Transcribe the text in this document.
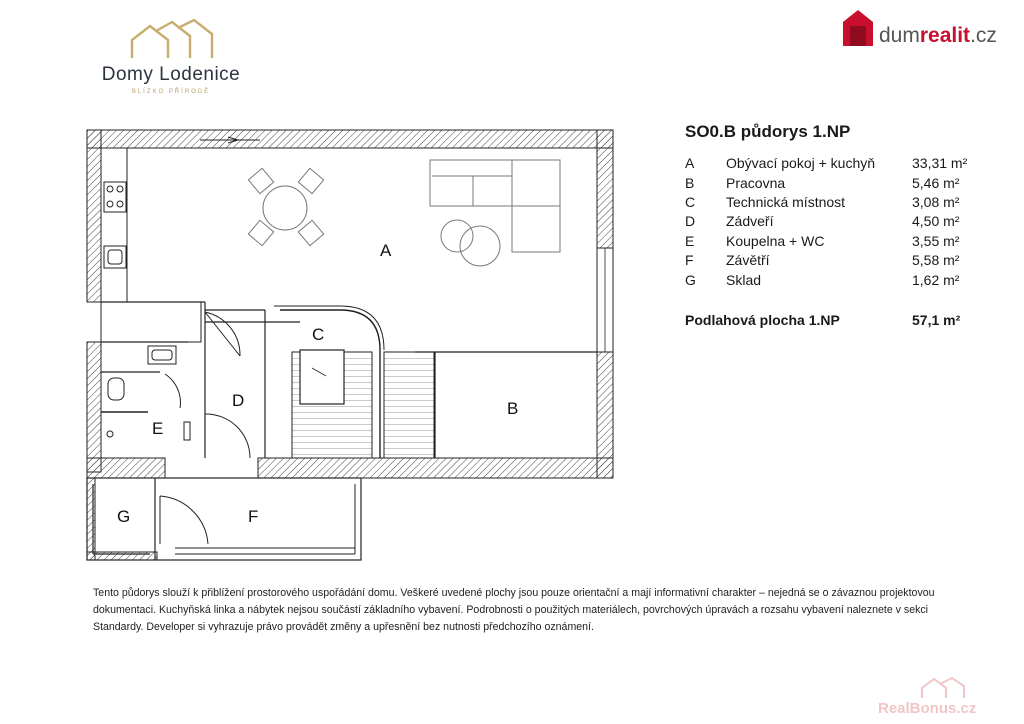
Domy Lodenice
BLÍZKO PŘÍRODĚ
dumrealit.cz
A
B
C
D
E
F
G
SO0.B půdorys 1.NP
A Obývací pokoj + kuchyň	33,31 m²
B Pracovna	5,46 m²
C Technická místnost	3,08 m²
D Zádveří	4,50 m²
E Koupelna + WC	3,55 m²
F Závětří	5,58 m²
G Sklad	1,62 m²
Podlahová plocha 1.NP	57,1 m²
Tento půdorys slouží k přiblížení prostorového uspořádání domu. Veškeré uvedené plochy jsou pouze orientační a mají informativní charakter – nejedná se o závaznou projektovou dokumentaci. Kuchyňská linka a nábytek nejsou součástí základního vybavení. Podrobnosti o použitých materiálech, povrchových úpravách a rozsahu vybavení naleznete v sekci Standardy. Developer si vyhrazuje právo provádět změny a upřesnění bez nutnosti předchozího oznámení.
RealBonus.cz
